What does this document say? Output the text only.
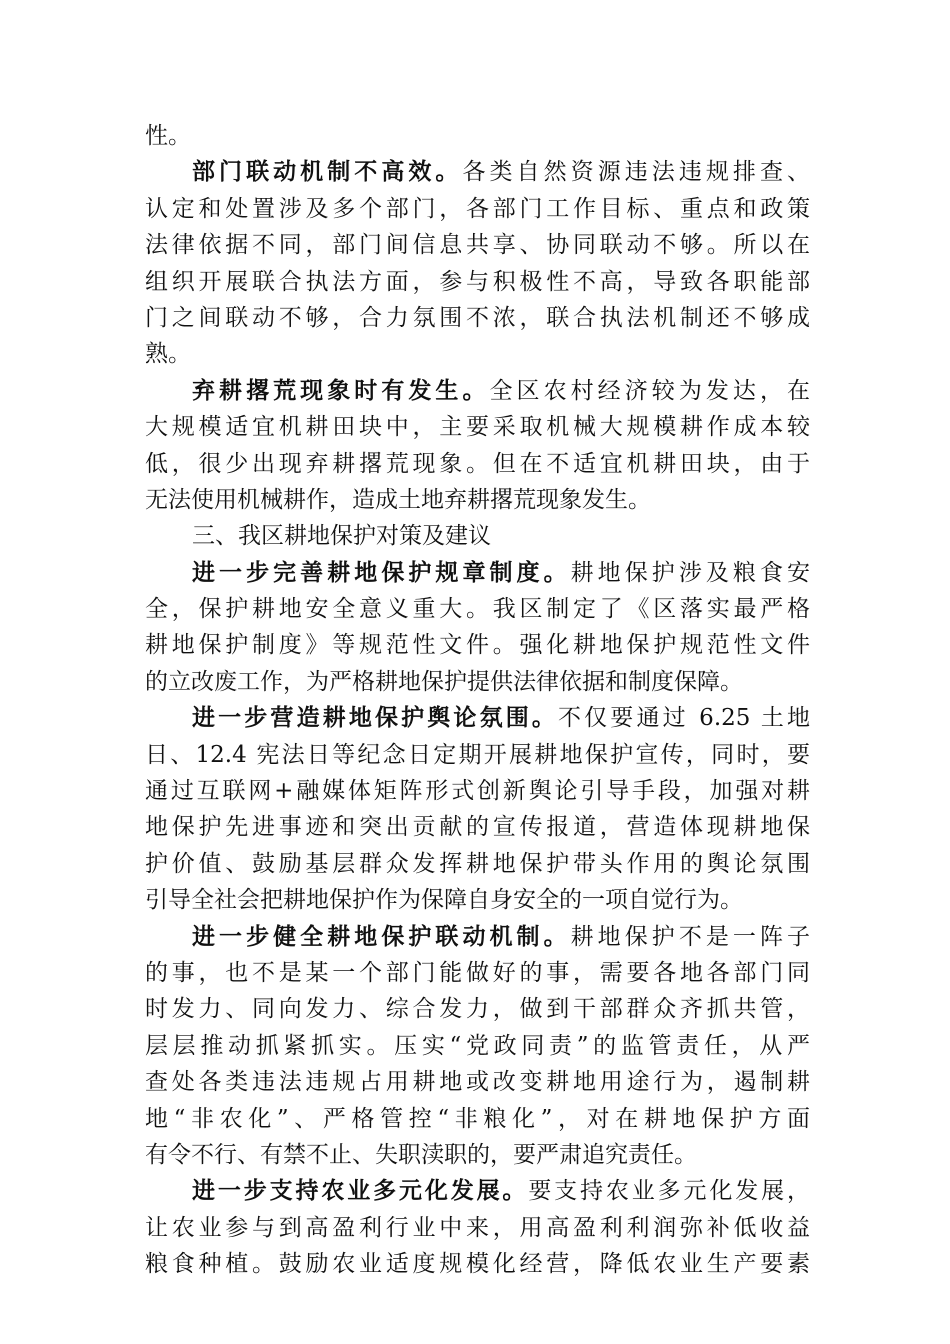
性。
部门联动机制不高效。各类自然资源违法违规排查、
认定和处置涉及多个部门，各部门工作目标、重点和政策
法律依据不同，部门间信息共享、协同联动不够。所以在
组织开展联合执法方面，参与积极性不高，导致各职能部
门之间联动不够，合力氛围不浓，联合执法机制还不够成
熟。
弃耕撂荒现象时有发生。全区农村经济较为发达，在
大规模适宜机耕田块中，主要采取机械大规模耕作成本较
低，很少出现弃耕撂荒现象。但在不适宜机耕田块，由于
无法使用机械耕作，造成土地弃耕撂荒现象发生。
三、我区耕地保护对策及建议
进一步完善耕地保护规章制度。耕地保护涉及粮食安
全，保护耕地安全意义重大。我区制定了《区落实最严格
耕地保护制度》等规范性文件。强化耕地保护规范性文件
的立改废工作，为严格耕地保护提供法律依据和制度保障。
进一步营造耕地保护舆论氛围。不仅要通过 6.25 土地
日、12.4 宪法日等纪念日定期开展耕地保护宣传，同时，要
通过互联网+融媒体矩阵形式创新舆论引导手段，加强对耕
地保护先进事迹和突出贡献的宣传报道，营造体现耕地保
护价值、鼓励基层群众发挥耕地保护带头作用的舆论氛围
引导全社会把耕地保护作为保障自身安全的一项自觉行为。
进一步健全耕地保护联动机制。耕地保护不是一阵子
的事，也不是某一个部门能做好的事，需要各地各部门同
时发力、同向发力、综合发力，做到干部群众齐抓共管，
层层推动抓紧抓实。压实“党政同责”的监管责任，从严
查处各类违法违规占用耕地或改变耕地用途行为，遏制耕
地“非农化”、严格管控“非粮化”，对在耕地保护方面
有令不行、有禁不止、失职渎职的，要严肃追究责任。
进一步支持农业多元化发展。要支持农业多元化发展，
让农业参与到高盈利行业中来，用高盈利利润弥补低收益
粮食种植。鼓励农业适度规模化经营，降低农业生产要素
